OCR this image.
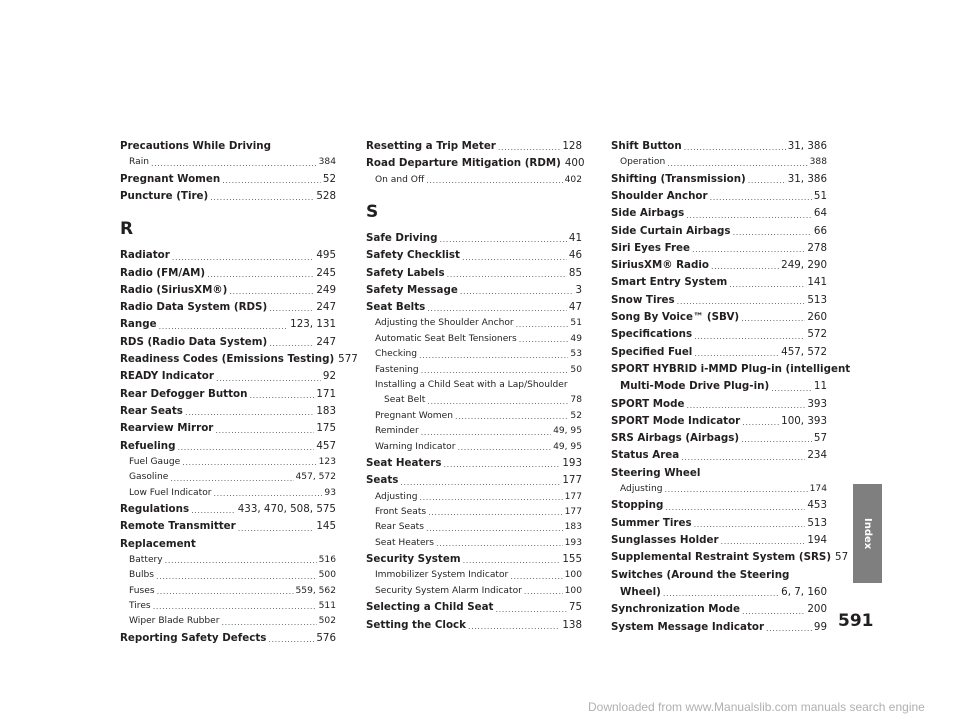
Precautions While Driving
Rain .....	384
Pregnant Women .....	52
Puncture (Tire) .....	528
R
Radiator .....	495
Radio (FM/AM) .....	245
Radio (SiriusXM®) .....	249
Radio Data System (RDS) .....	247
Range .....	123, 131
RDS (Radio Data System) .....	247
Readiness Codes (Emissions Testing) 577
READY Indicator .....	92
Rear Defogger Button .....	171
Rear Seats .....	183
Rearview Mirror .....	175
Refueling .....	457
Fuel Gauge .....	123
Gasoline .....	457, 572
Low Fuel Indicator .....	93
Regulations .....	433, 470, 508, 575
Remote Transmitter .....	145
Replacement
Battery .....	516
Bulbs .....	500
Fuses .....	559, 562
Tires .....	511
Wiper Blade Rubber .....	502
Reporting Safety Defects .....	576
Resetting a Trip Meter .....	128
Road Departure Mitigation (RDM) 400
On and Off .....	402
S
Safe Driving .....	41
Safety Checklist .....	46
Safety Labels .....	85
Safety Message .....	3
Seat Belts .....	47
Adjusting the Shoulder Anchor .....	51
Automatic Seat Belt Tensioners .....	49
Checking .....	53
Fastening .....	50
Installing a Child Seat with a Lap/Shoulder
Seat Belt .....	78
Pregnant Women .....	52
Reminder .....	49, 95
Warning Indicator .....	49, 95
Seat Heaters .....	193
Seats .....	177
Adjusting .....	177
Front Seats .....	177
Rear Seats .....	183
Seat Heaters .....	193
Security System .....	155
Immobilizer System Indicator .....	100
Security System Alarm Indicator .....	100
Selecting a Child Seat .....	75
Setting the Clock .....	138
Shift Button .....	31, 386
Operation .....	388
Shifting (Transmission) .....	31, 386
Shoulder Anchor .....	51
Side Airbags .....	64
Side Curtain Airbags .....	66
Siri Eyes Free .....	278
SiriusXM® Radio .....	249, 290
Smart Entry System .....	141
Snow Tires .....	513
Song By Voice™ (SBV) .....	260
Specifications .....	572
Specified Fuel .....	457, 572
SPORT HYBRID i-MMD Plug-in (intelligent
Multi-Mode Drive Plug-in) .....	11
SPORT Mode .....	393
SPORT Mode Indicator .....	100, 393
SRS Airbags (Airbags) .....	57
Status Area .....	234
Steering Wheel
Adjusting .....	174
Stopping .....	453
Summer Tires .....	513
Sunglasses Holder .....	194
Supplemental Restraint System (SRS) 57
Switches (Around the Steering
Wheel) .....	6, 7, 160
Synchronization Mode .....	200
System Message Indicator .....	99
Index
591
Downloaded from www.Manualslib.com manuals search engine
